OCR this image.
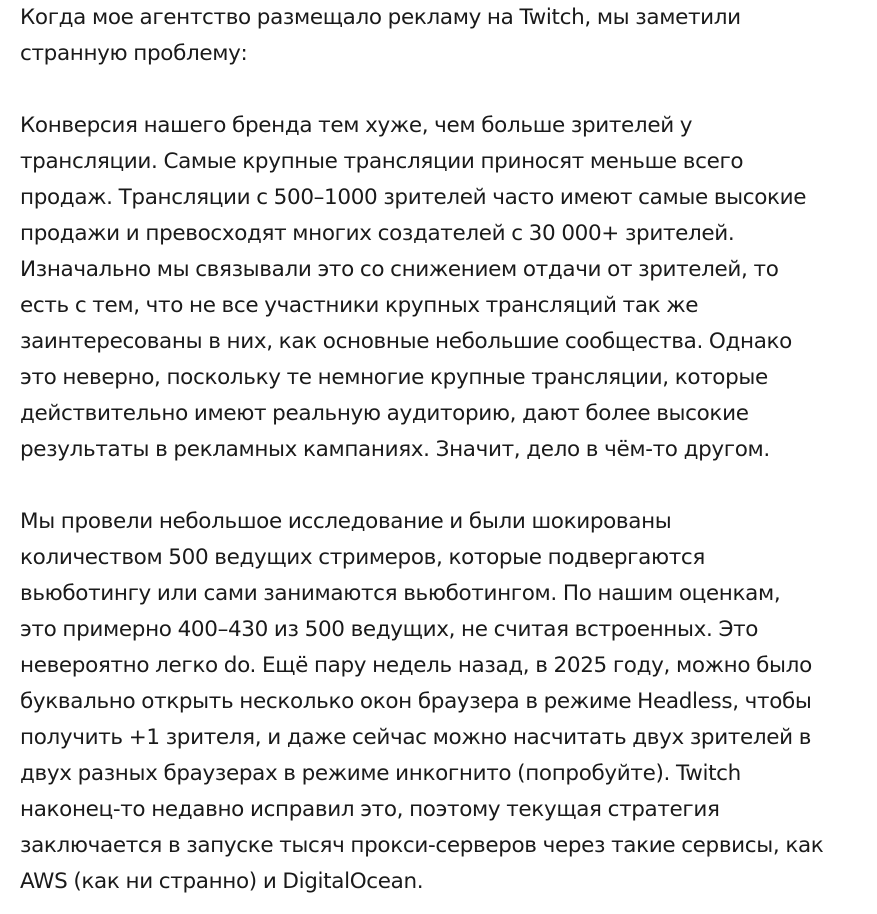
Когда мое агентство размещало рекламу на Twitch, мы заметили
странную проблему:

Конверсия нашего бренда тем хуже, чем больше зрителей у
трансляции. Самые крупные трансляции приносят меньше всего
продаж. Трансляции с 500–1000 зрителей часто имеют самые высокие
продажи и превосходят многих создателей с 30 000+ зрителей.
Изначально мы связывали это со снижением отдачи от зрителей, то
есть с тем, что не все участники крупных трансляций так же
заинтересованы в них, как основные небольшие сообщества. Однако
это неверно, поскольку те немногие крупные трансляции, которые
действительно имеют реальную аудиторию, дают более высокие
результаты в рекламных кампаниях. Значит, дело в чём-то другом.

Мы провели небольшое исследование и были шокированы
количеством 500 ведущих стримеров, которые подвергаются
вьюботингу или сами занимаются вьюботингом. По нашим оценкам,
это примерно 400–430 из 500 ведущих, не считая встроенных. Это
невероятно легко do. Ещё пару недель назад, в 2025 году, можно было
буквально открыть несколько окон браузера в режиме Headless, чтобы
получить +1 зрителя, и даже сейчас можно насчитать двух зрителей в
двух разных браузерах в режиме инкогнито (попробуйте). Twitch
наконец-то недавно исправил это, поэтому текущая стратегия
заключается в запуске тысяч прокси-серверов через такие сервисы, как
AWS (как ни странно) и DigitalOcean.
